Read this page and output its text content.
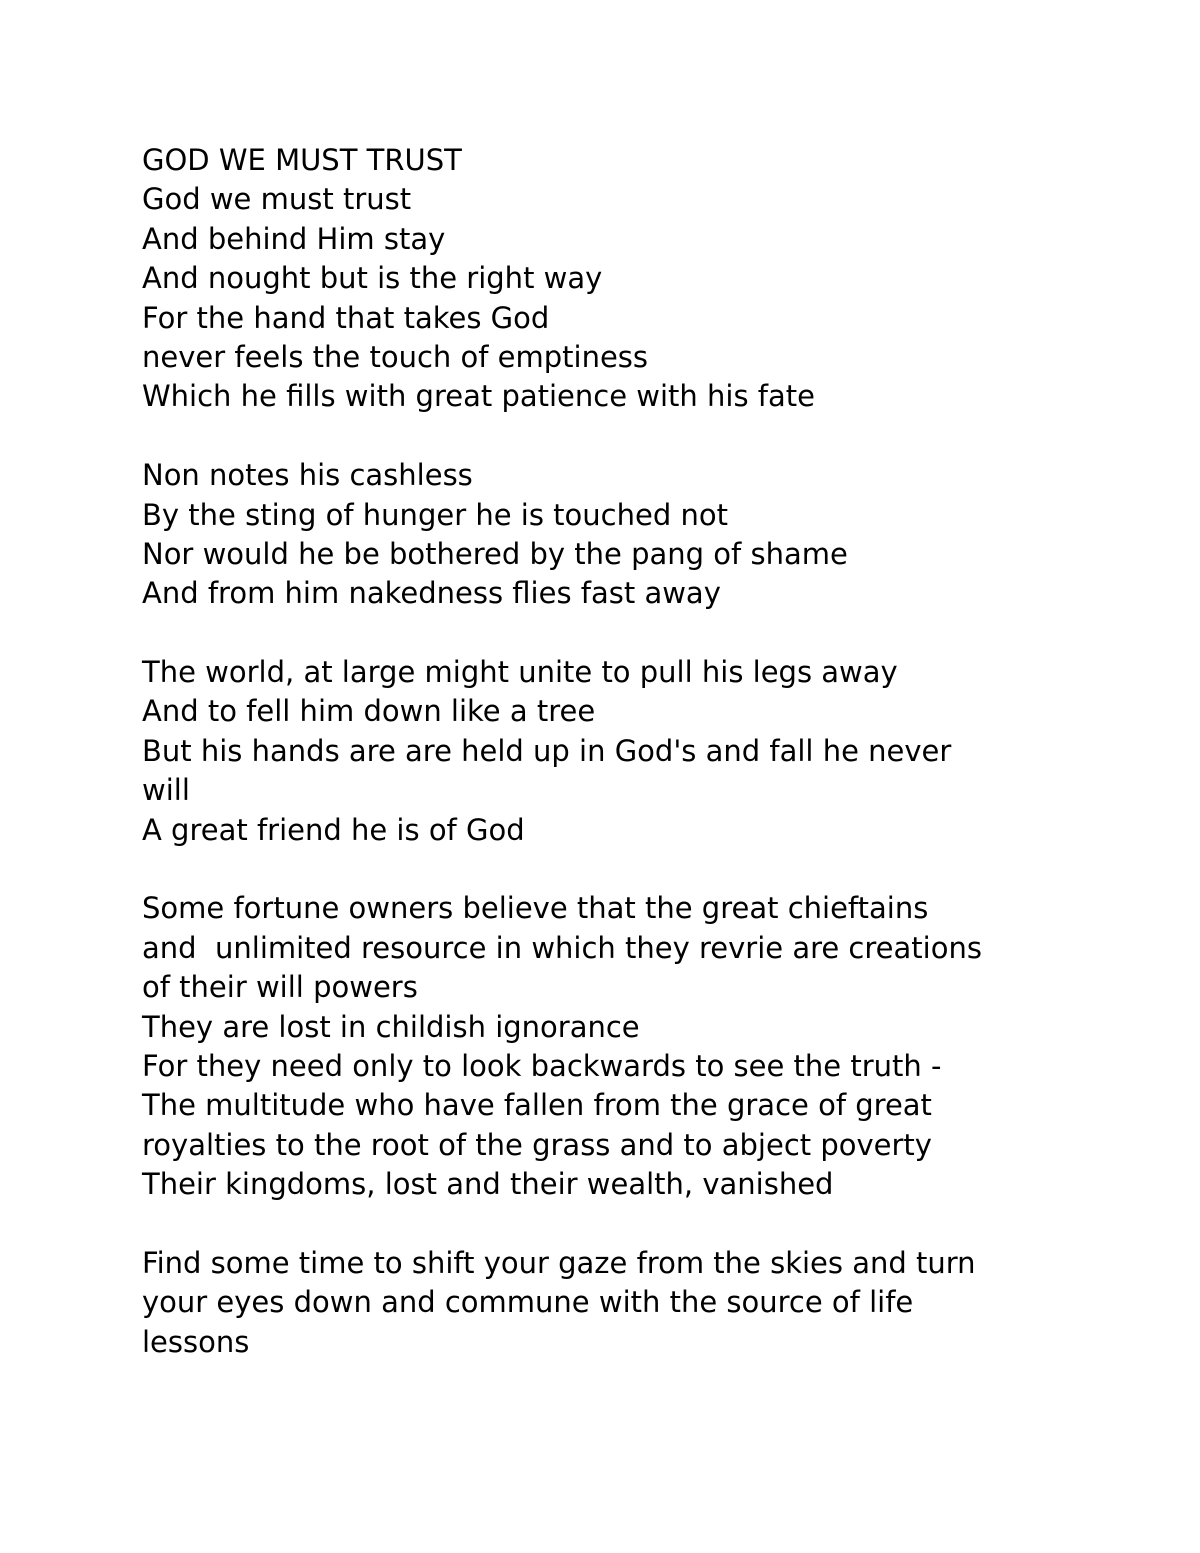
GOD WE MUST TRUST
God we must trust
And behind Him stay
And nought but is the right way
For the hand that takes God
never feels the touch of emptiness
Which he fills with great patience with his fate
Non notes his cashless
By the sting of hunger he is touched not
Nor would he be bothered by the pang of shame
And from him nakedness flies fast away
The world, at large might unite to pull his legs away
And to fell him down like a tree
But his hands are are held up in God's and fall he never
will
A great friend he is of God
Some fortune owners believe that the great chieftains
and  unlimited resource in which they revrie are creations
of their will powers
They are lost in childish ignorance
For they need only to look backwards to see the truth -
The multitude who have fallen from the grace of great
royalties to the root of the grass and to abject poverty
Their kingdoms, lost and their wealth, vanished
Find some time to shift your gaze from the skies and turn
your eyes down and commune with the source of life
lessons
